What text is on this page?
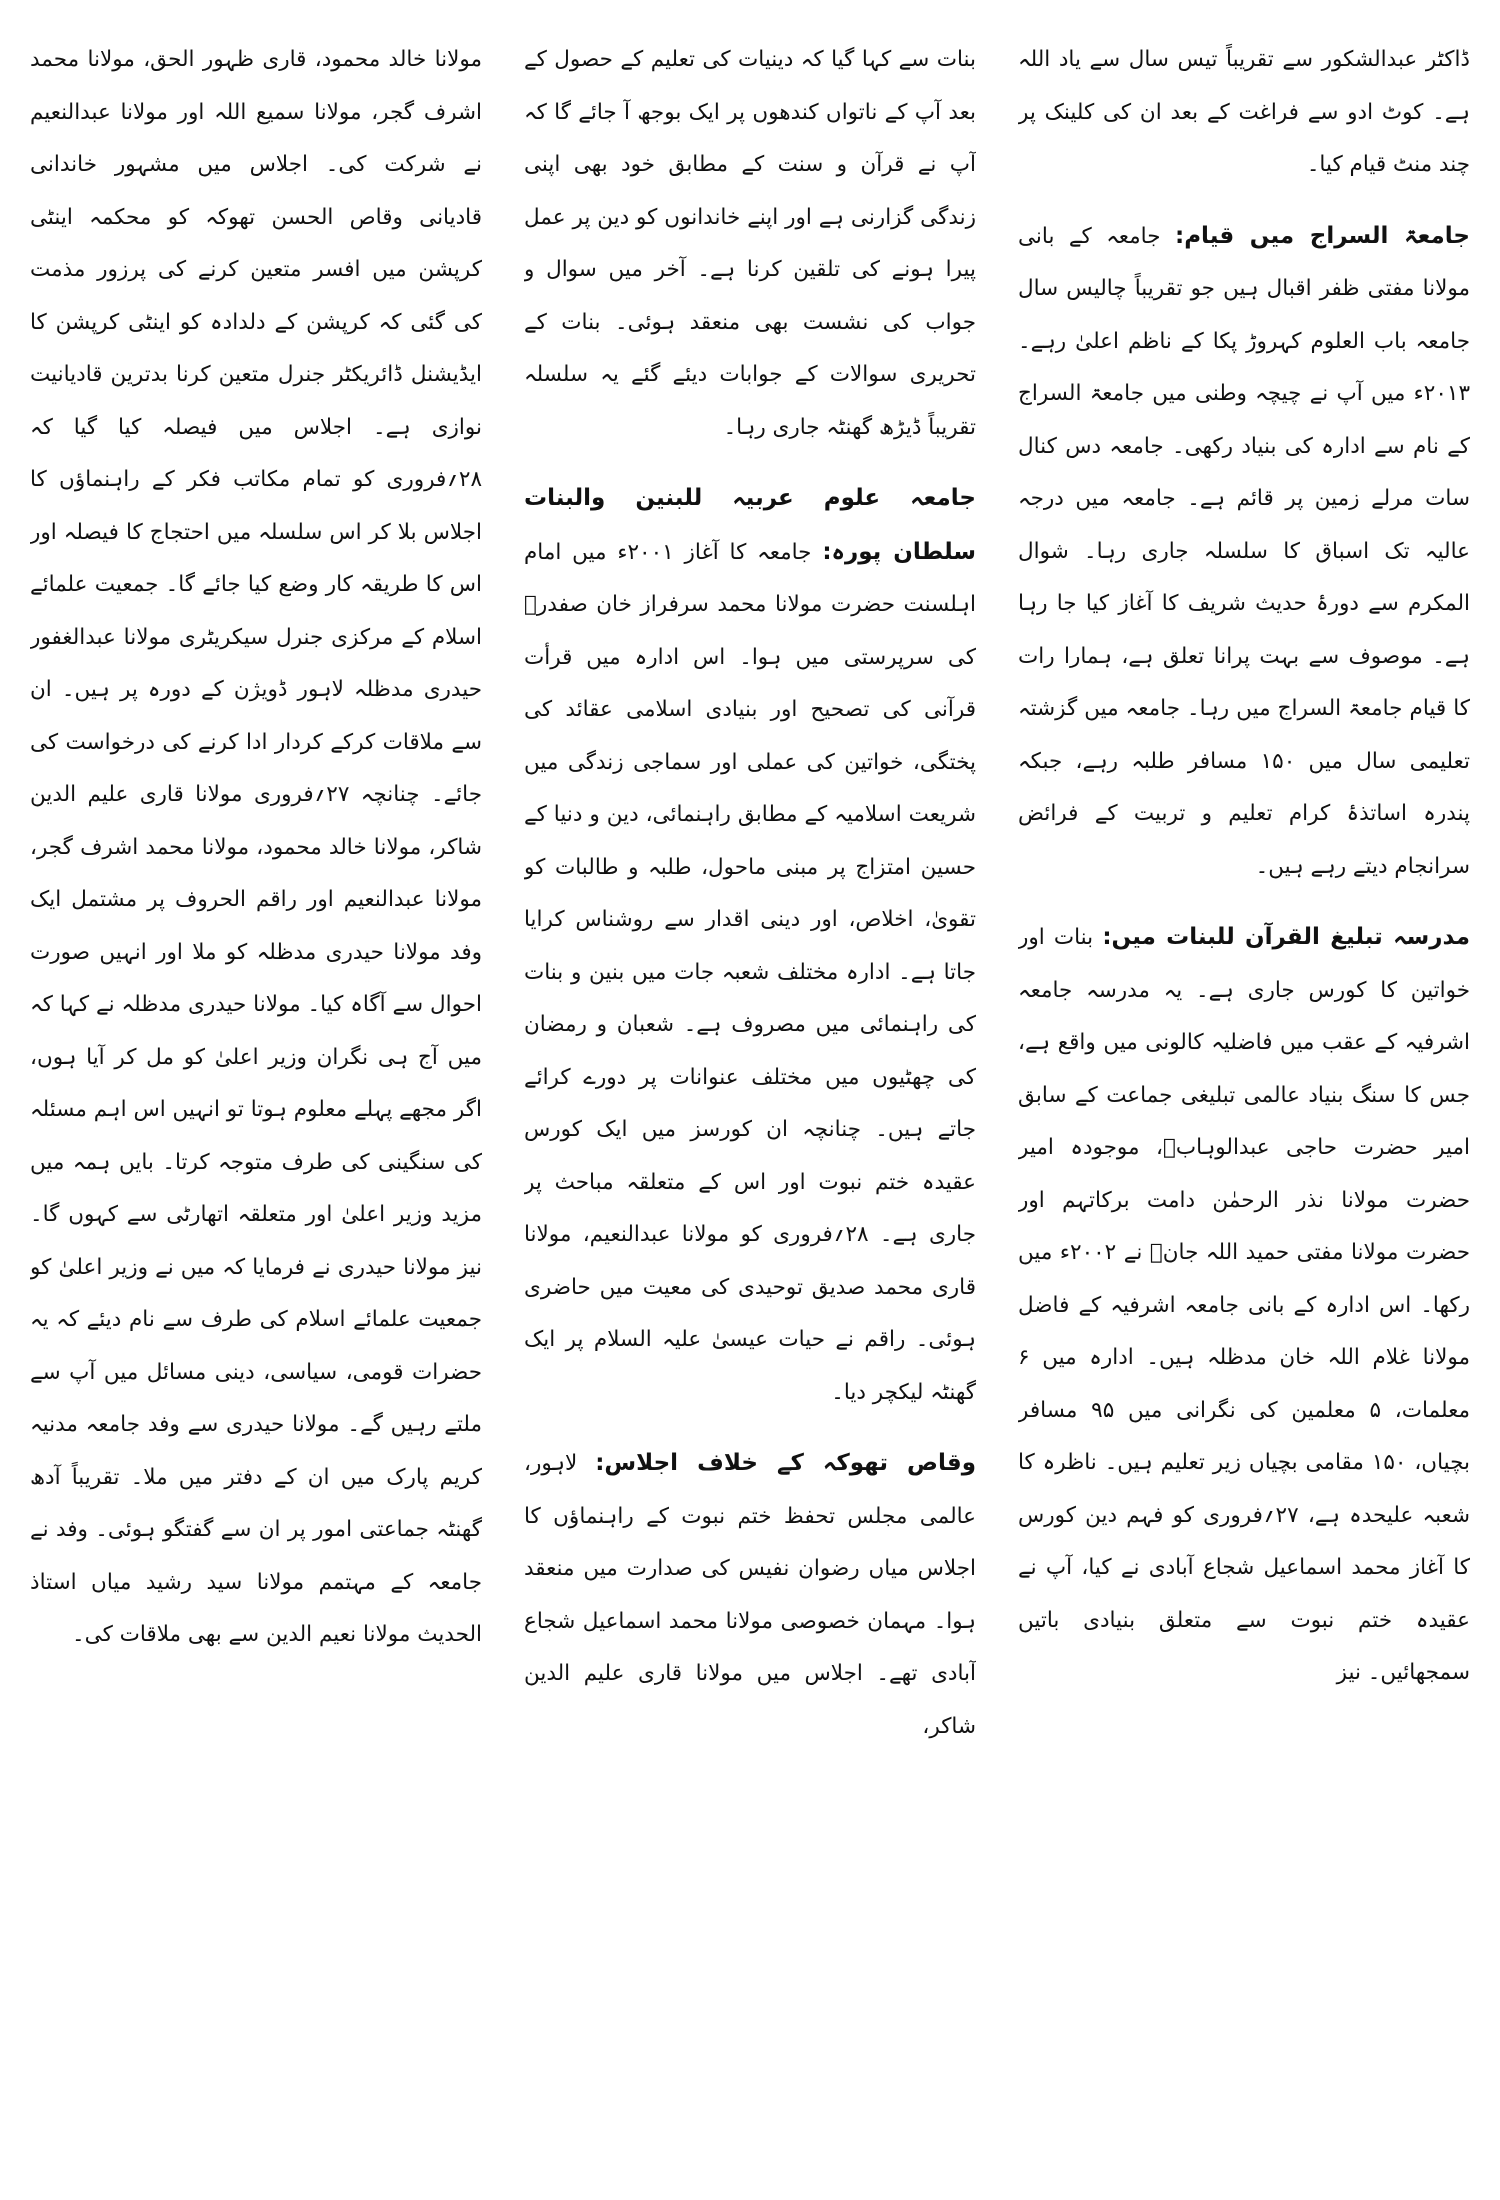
ڈاکٹر عبدالشکور سے تقریباً تیس سال سے یاد اللہ ہے۔ کوٹ ادو سے فراغت کے بعد ان کی کلینک پر چند منٹ قیام کیا۔

جامعۃ السراج میں قیام: جامعہ کے بانی مولانا مفتی ظفر اقبال ہیں جو تقریباً چالیس سال جامعہ باب العلوم کہروڑ پکا کے ناظم اعلیٰ رہے۔ ۲۰۱۳ء میں آپ نے چیچہ وطنی میں جامعۃ السراج کے نام سے ادارہ کی بنیاد رکھی۔ جامعہ دس کنال سات مرلے زمین پر قائم ہے۔ جامعہ میں درجہ عالیہ تک اسباق کا سلسلہ جاری رہا۔ شوال المکرم سے دورۂ حدیث شریف کا آغاز کیا جا رہا ہے۔ موصوف سے بہت پرانا تعلق ہے، ہمارا رات کا قیام جامعۃ السراج میں رہا۔ جامعہ میں گزشتہ تعلیمی سال میں ۱۵۰ مسافر طلبہ رہے، جبکہ پندرہ اساتذۂ کرام تعلیم و تربیت کے فرائض سرانجام دیتے رہے ہیں۔

مدرسہ تبلیغ القرآن للبنات میں: بنات اور خواتین کا کورس جاری ہے۔ یہ مدرسہ جامعہ اشرفیہ کے عقب میں فاضلیہ کالونی میں واقع ہے، جس کا سنگ بنیاد عالمی تبلیغی جماعت کے سابق امیر حضرت حاجی عبدالوہابؒ، موجودہ امیر حضرت مولانا نذر الرحمٰن دامت برکاتہم اور حضرت مولانا مفتی حمید اللہ جانؒ نے ۲۰۰۲ء میں رکھا۔ اس ادارہ کے بانی جامعہ اشرفیہ کے فاضل مولانا غلام اللہ خان مدظلہ ہیں۔ ادارہ میں ۶ معلمات، ۵ معلمین کی نگرانی میں ۹۵ مسافر بچیاں، ۱۵۰ مقامی بچیاں زیر تعلیم ہیں۔ ناظرہ کا شعبہ علیحدہ ہے، ۲۷؍فروری کو فہم دین کورس کا آغاز محمد اسماعیل شجاع آبادی نے کیا، آپ نے عقیدہ ختم نبوت سے متعلق بنیادی باتیں سمجھائیں۔ نیز

بنات سے کہا گیا کہ دینیات کی تعلیم کے حصول کے بعد آپ کے ناتواں کندھوں پر ایک بوجھ آ جائے گا کہ آپ نے قرآن و سنت کے مطابق خود بھی اپنی زندگی گزارنی ہے اور اپنے خاندانوں کو دین پر عمل پیرا ہونے کی تلقین کرنا ہے۔ آخر میں سوال و جواب کی نشست بھی منعقد ہوئی۔ بنات کے تحریری سوالات کے جوابات دیئے گئے یہ سلسلہ تقریباً ڈیڑھ گھنٹہ جاری رہا۔

جامعہ علوم عربیہ للبنین والبنات سلطان پورہ: جامعہ کا آغاز ۲۰۰۱ء میں امام اہلسنت حضرت مولانا محمد سرفراز خان صفدرؒ کی سرپرستی میں ہوا۔ اس ادارہ میں قرأت قرآنی کی تصحیح اور بنیادی اسلامی عقائد کی پختگی، خواتین کی عملی اور سماجی زندگی میں شریعت اسلامیہ کے مطابق راہنمائی، دین و دنیا کے حسین امتزاج پر مبنی ماحول، طلبہ و طالبات کو تقویٰ، اخلاص، اور دینی اقدار سے روشناس کرایا جاتا ہے۔ ادارہ مختلف شعبہ جات میں بنین و بنات کی راہنمائی میں مصروف ہے۔ شعبان و رمضان کی چھٹیوں میں مختلف عنوانات پر دورے کرائے جاتے ہیں۔ چنانچہ ان کورسز میں ایک کورس عقیدہ ختم نبوت اور اس کے متعلقہ مباحث پر جاری ہے۔ ۲۸؍فروری کو مولانا عبدالنعیم، مولانا قاری محمد صدیق توحیدی کی معیت میں حاضری ہوئی۔ راقم نے حیات عیسیٰ علیہ السلام پر ایک گھنٹہ لیکچر دیا۔

وقاص تھوکہ کے خلاف اجلاس: لاہور، عالمی مجلس تحفظ ختم نبوت کے راہنماؤں کا اجلاس میاں رضوان نفیس کی صدارت میں منعقد ہوا۔ مہمان خصوصی مولانا محمد اسماعیل شجاع آبادی تھے۔ اجلاس میں مولانا قاری علیم الدین شاکر،

مولانا خالد محمود، قاری ظہور الحق، مولانا محمد اشرف گجر، مولانا سمیع اللہ اور مولانا عبدالنعیم نے شرکت کی۔ اجلاس میں مشہور خاندانی قادیانی وقاص الحسن تھوکہ کو محکمہ اینٹی کرپشن میں افسر متعین کرنے کی پرزور مذمت کی گئی کہ کرپشن کے دلدادہ کو اینٹی کرپشن کا ایڈیشنل ڈائریکٹر جنرل متعین کرنا بدترین قادیانیت نوازی ہے۔ اجلاس میں فیصلہ کیا گیا کہ ۲۸؍فروری کو تمام مکاتب فکر کے راہنماؤں کا اجلاس بلا کر اس سلسلہ میں احتجاج کا فیصلہ اور اس کا طریقہ کار وضع کیا جائے گا۔ جمعیت علمائے اسلام کے مرکزی جنرل سیکریٹری مولانا عبدالغفور حیدری مدظلہ لاہور ڈویژن کے دورہ پر ہیں۔ ان سے ملاقات کرکے کردار ادا کرنے کی درخواست کی جائے۔ چنانچہ ۲۷؍فروری مولانا قاری علیم الدین شاکر، مولانا خالد محمود، مولانا محمد اشرف گجر، مولانا عبدالنعیم اور راقم الحروف پر مشتمل ایک وفد مولانا حیدری مدظلہ کو ملا اور انہیں صورت احوال سے آگاہ کیا۔ مولانا حیدری مدظلہ نے کہا کہ میں آج ہی نگران وزیر اعلیٰ کو مل کر آیا ہوں، اگر مجھے پہلے معلوم ہوتا تو انہیں اس اہم مسئلہ کی سنگینی کی طرف متوجہ کرتا۔ بایں ہمہ میں مزید وزیر اعلیٰ اور متعلقہ اتھارٹی سے کہوں گا۔ نیز مولانا حیدری نے فرمایا کہ میں نے وزیر اعلیٰ کو جمعیت علمائے اسلام کی طرف سے نام دیئے کہ یہ حضرات قومی، سیاسی، دینی مسائل میں آپ سے ملتے رہیں گے۔ مولانا حیدری سے وفد جامعہ مدنیہ کریم پارک میں ان کے دفتر میں ملا۔ تقریباً آدھ گھنٹہ جماعتی امور پر ان سے گفتگو ہوئی۔ وفد نے جامعہ کے مہتمم مولانا سید رشید میاں استاذ الحدیث مولانا نعیم الدین سے بھی ملاقات کی۔
